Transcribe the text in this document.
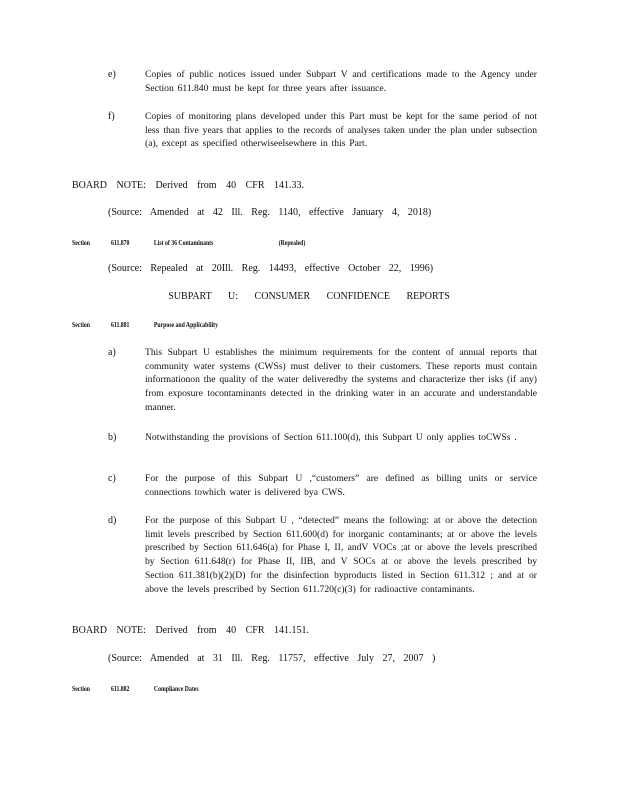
e)	Copies of public notices issued under Subpart V and certifications made to the Agency under Section 611.840 must be kept for three years after issuance.
f)	Copies of monitoring plans developed under this Part must be kept for the same period of not less than five years that applies to the records of analyses taken under the plan under subsection (a), except as specified otherwiseelsewhere in this Part.
BOARD NOTE: Derived from 40 CFR 141.33.
(Source: Amended at 42 Ill. Reg. 1140, effective January 4, 2018)
Section	611.870	List of 36 Contaminants	(Repealed)
(Source: Repealed at 20Ill. Reg. 14493, effective October 22, 1996)
SUBPART U: CONSUMER CONFIDENCE REPORTS
Section	611.881	Purpose and Applicability
a)	This Subpart U establishes the minimum requirements for the content of annual reports that community water systems (CWSs) must deliver to their customers. These reports must contain informationon the quality of the water deliveredby the systems and characterize ther isks (if any) from exposure tocontaminants detected in the drinking water in an accurate and understandable manner.
b)	Notwithstanding the provisions of Section 611.100(d), this Subpart U only applies toCWSs .
c)	For the purpose of this Subpart U ,“customers” are defined as billing units or service connections towhich water is delivered bya CWS.
d)	For the purpose of this Subpart U , “detected” means the following: at or above the detection limit levels prescribed by Section 611.600(d) for inorganic contaminants; at or above the levels prescribed by Section 611.646(a) for Phase I, II, andV VOCs ;at or above the levels prescribed by Section 611.648(r) for Phase II, IIB, and V SOCs at or above the levels prescribed by Section 611.381(b)(2)(D) for the disinfection byproducts listed in Section 611.312 ; and at or above the levels prescribed by Section 611.720(c)(3) for radioactive contaminants.
BOARD NOTE: Derived from 40 CFR 141.151.
(Source: Amended at 31 Ill. Reg. 11757, effective July 27, 2007 )
Section	611.882	Compliance Dates
